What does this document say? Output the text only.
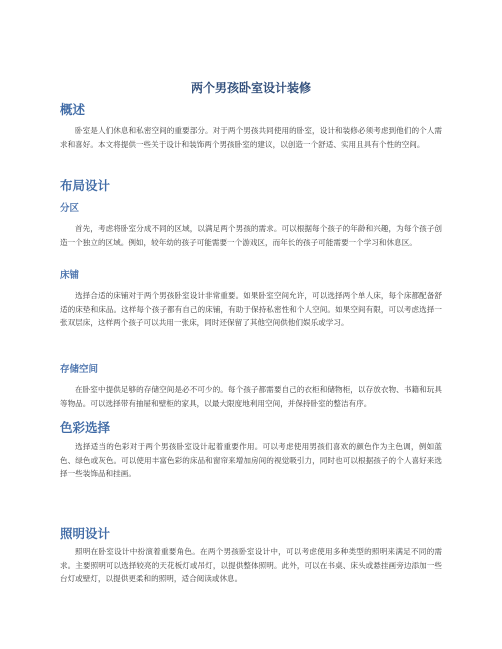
两个男孩卧室设计装修
概述
卧室是人们休息和私密空间的重要部分。对于两个男孩共同使用的卧室，设计和装修必须考虑到他们的个人需求和喜好。本文将提供一些关于设计和装饰两个男孩卧室的建议，以创造一个舒适、实用且具有个性的空间。
布局设计
分区
首先，考虑将卧室分成不同的区域，以满足两个男孩的需求。可以根据每个孩子的年龄和兴趣，为每个孩子创造一个独立的区域。例如，较年幼的孩子可能需要一个游戏区，而年长的孩子可能需要一个学习和休息区。
床铺
选择合适的床铺对于两个男孩卧室设计非常重要。如果卧室空间允许，可以选择两个单人床，每个床都配备舒适的床垫和床品。这样每个孩子都有自己的床铺，有助于保持私密性和个人空间。如果空间有限，可以考虑选择一张双层床，这样两个孩子可以共用一张床，同时还保留了其他空间供他们娱乐或学习。
存储空间
在卧室中提供足够的存储空间是必不可少的。每个孩子都需要自己的衣柜和储物柜，以存放衣物、书籍和玩具等物品。可以选择带有抽屉和壁柜的家具，以最大限度地利用空间，并保持卧室的整洁有序。
色彩选择
选择适当的色彩对于两个男孩卧室设计起着重要作用。可以考虑使用男孩们喜欢的颜色作为主色调，例如蓝色、绿色或灰色。可以使用丰富色彩的床品和窗帘来增加房间的视觉吸引力，同时也可以根据孩子的个人喜好来选择一些装饰品和挂画。
照明设计
照明在卧室设计中扮演着重要角色。在两个男孩卧室设计中，可以考虑使用多种类型的照明来满足不同的需求。主要照明可以选择较亮的天花板灯或吊灯，以提供整体照明。此外，可以在书桌、床头或悬挂画旁边添加一些台灯或壁灯，以提供更柔和的照明，适合阅读或休息。
